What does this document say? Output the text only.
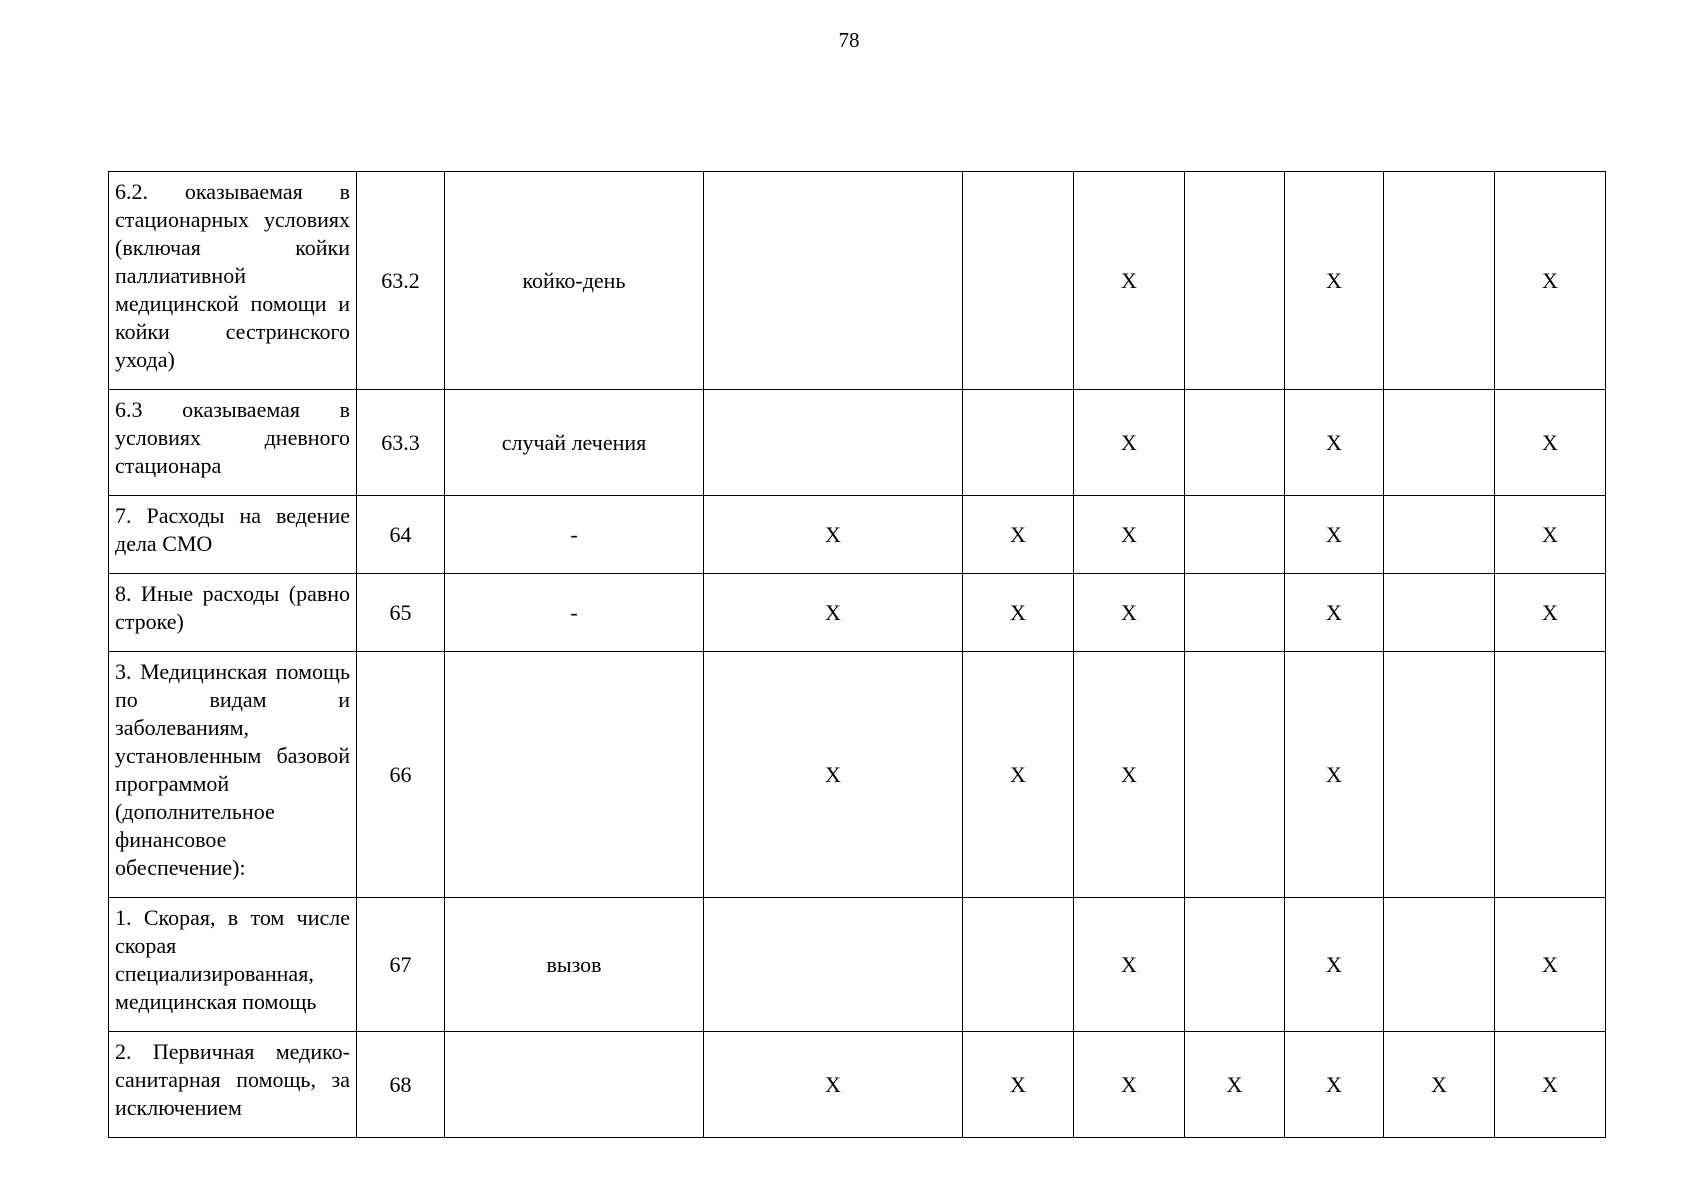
78
6.2. оказываемая в стационарных условиях (включая койки паллиативной медицинской помощи и койки сестринского ухода)	63.2	койко-день			X		X		X

6.3 оказываемая в условиях дневного стационара	63.3	случай лечения			X		X		X

7. Расходы на ведение дела СМО	64	-	X	X	X		X		X

8. Иные расходы (равно строке)	65	-	X	X	X		X		X

3. Медицинская помощь по видам и заболеваниям, установленным базовой программой (дополнительное финансовое обеспечение):	66		X	X	X		X		

1. Скорая, в том числе скорая специализированная, медицинская помощь	67	вызов			X		X		X

2. Первичная медико-санитарная помощь, за исключением	68		X	X	X	X	X	X	X
